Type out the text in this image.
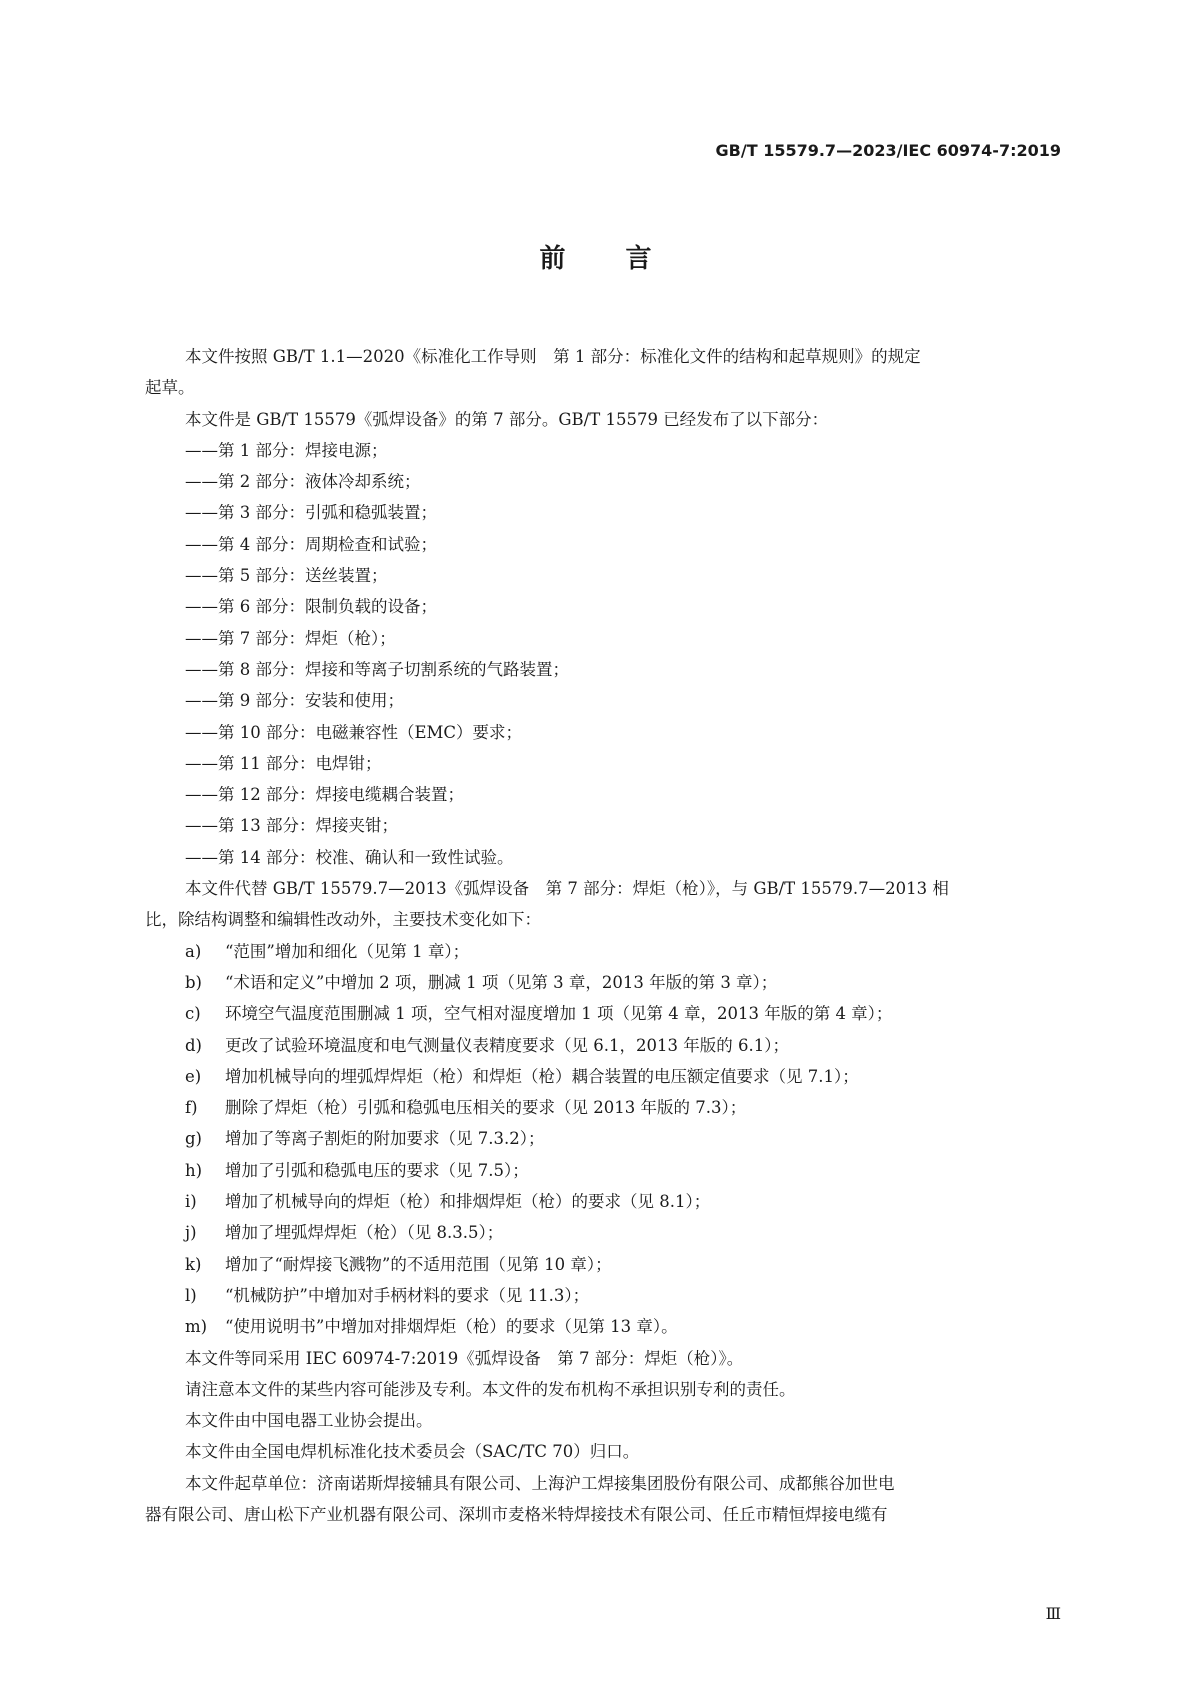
GB/T 15579.7—2023/IEC 60974-7:2019
前言

本文件按照 GB/T 1.1—2020《标准化工作导则　第 1 部分：标准化文件的结构和起草规则》的规定

起草。

本文件是 GB/T 15579《弧焊设备》的第 7 部分。GB/T 15579 已经发布了以下部分：

——第 1 部分：焊接电源；

——第 2 部分：液体冷却系统；

——第 3 部分：引弧和稳弧装置；

——第 4 部分：周期检查和试验；

——第 5 部分：送丝装置；

——第 6 部分：限制负载的设备；

——第 7 部分：焊炬（枪）；

——第 8 部分：焊接和等离子切割系统的气路装置；

——第 9 部分：安装和使用；

——第 10 部分：电磁兼容性（EMC）要求；

——第 11 部分：电焊钳；

——第 12 部分：焊接电缆耦合装置；

——第 13 部分：焊接夹钳；

——第 14 部分：校准、确认和一致性试验。

本文件代替 GB/T 15579.7—2013《弧焊设备　第 7 部分：焊炬（枪）》，与 GB/T 15579.7—2013 相

比，除结构调整和编辑性改动外，主要技术变化如下：

a) “范围”增加和细化（见第 1 章）；

b) “术语和定义”中增加 2 项，删减 1 项（见第 3 章，2013 年版的第 3 章）；

c) 环境空气温度范围删减 1 项，空气相对湿度增加 1 项（见第 4 章，2013 年版的第 4 章）；

d) 更改了试验环境温度和电气测量仪表精度要求（见 6.1，2013 年版的 6.1）；

e) 增加机械导向的埋弧焊焊炬（枪）和焊炬（枪）耦合装置的电压额定值要求（见 7.1）；

f) 删除了焊炬（枪）引弧和稳弧电压相关的要求（见 2013 年版的 7.3）；

g) 增加了等离子割炬的附加要求（见 7.3.2）；

h) 增加了引弧和稳弧电压的要求（见 7.5）；

i) 增加了机械导向的焊炬（枪）和排烟焊炬（枪）的要求（见 8.1）；

j) 增加了埋弧焊焊炬（枪）（见 8.3.5）；

k) 增加了“耐焊接飞溅物”的不适用范围（见第 10 章）；

l) “机械防护”中增加对手柄材料的要求（见 11.3）；

m) “使用说明书”中增加对排烟焊炬（枪）的要求（见第 13 章）。

本文件等同采用 IEC 60974-7:2019《弧焊设备　第 7 部分：焊炬（枪）》。

请注意本文件的某些内容可能涉及专利。本文件的发布机构不承担识别专利的责任。

本文件由中国电器工业协会提出。

本文件由全国电焊机标准化技术委员会（SAC/TC 70）归口。

本文件起草单位：济南诺斯焊接辅具有限公司、上海沪工焊接集团股份有限公司、成都熊谷加世电

器有限公司、唐山松下产业机器有限公司、深圳市麦格米特焊接技术有限公司、任丘市精恒焊接电缆有

Ⅲ
